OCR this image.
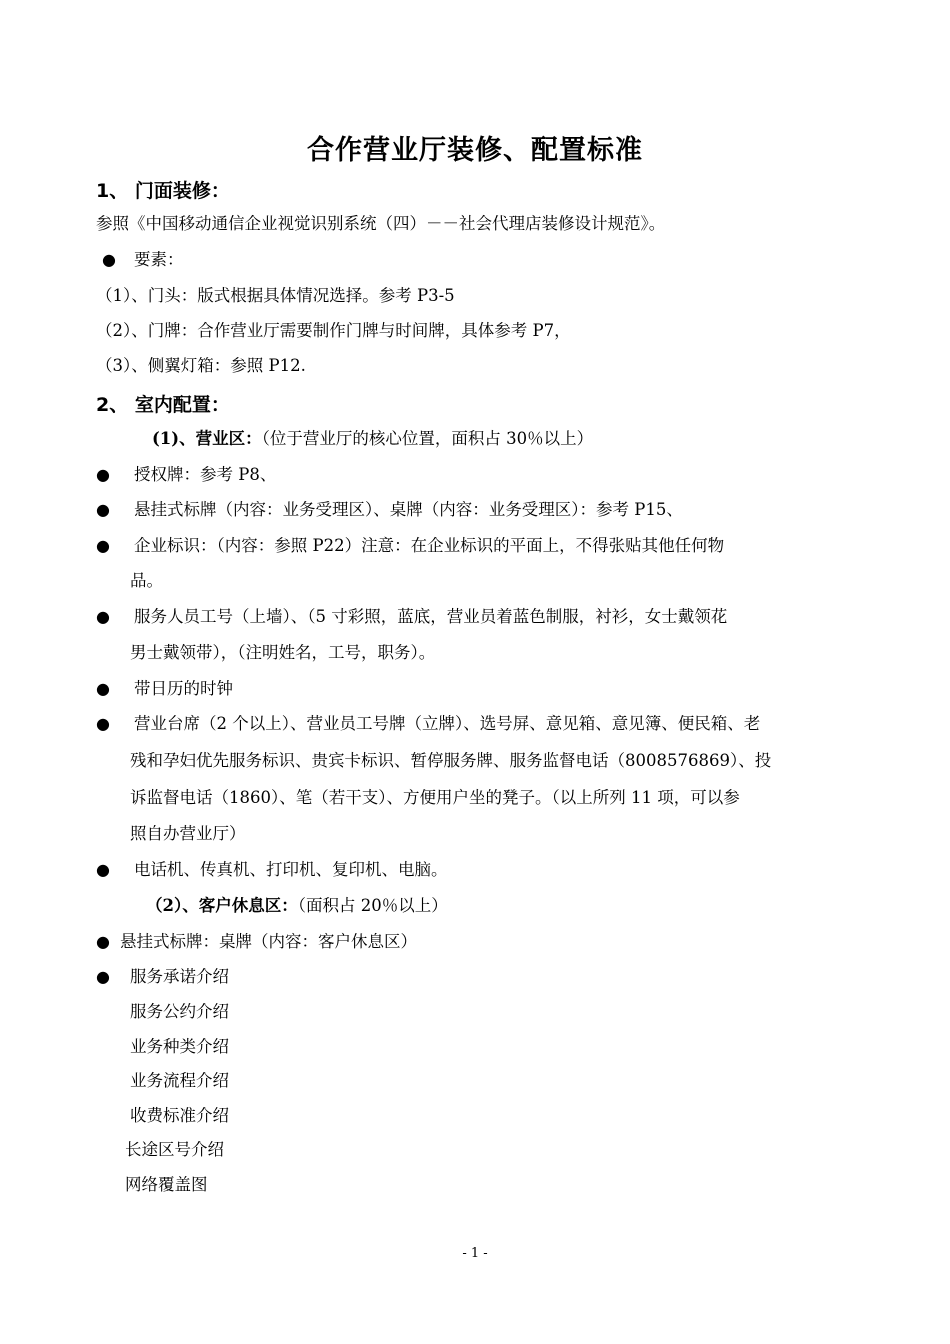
合作营业厅装修、配置标准
1、 门面装修：
参照《中国移动通信企业视觉识别系统（四）－－社会代理店装修设计规范》。
● 要素：
（1）、门头：版式根据具体情况选择。参考 P3-5
（2）、门牌：合作营业厅需要制作门牌与时间牌，具体参考 P7，
（3）、侧翼灯箱：参照 P12.
2、 室内配置：
(1)、营业区：（位于营业厅的核心位置，面积占 30％以上）
● 授权牌：参考 P8、
● 悬挂式标牌（内容：业务受理区）、桌牌（内容：业务受理区）：参考 P15、
● 企业标识：（内容：参照 P22）注意：在企业标识的平面上，不得张贴其他任何物
品。
● 服务人员工号（上墙）、（5 寸彩照，蓝底，营业员着蓝色制服，衬衫，女士戴领花
男士戴领带），（注明姓名，工号，职务）。
● 带日历的时钟
● 营业台席（2 个以上）、营业员工号牌（立牌）、选号屏、意见箱、意见簿、便民箱、老
残和孕妇优先服务标识、贵宾卡标识、暂停服务牌、服务监督电话（8008576869）、投
诉监督电话（1860）、笔（若干支）、方便用户坐的凳子。（以上所列 11 项，可以参
照自办营业厅）
● 电话机、传真机、打印机、复印机、电脑。
（2）、客户休息区：（面积占 20％以上）
● 悬挂式标牌：桌牌（内容：客户休息区）
● 服务承诺介绍
服务公约介绍
业务种类介绍
业务流程介绍
收费标准介绍
长途区号介绍
网络覆盖图
- 1 -
